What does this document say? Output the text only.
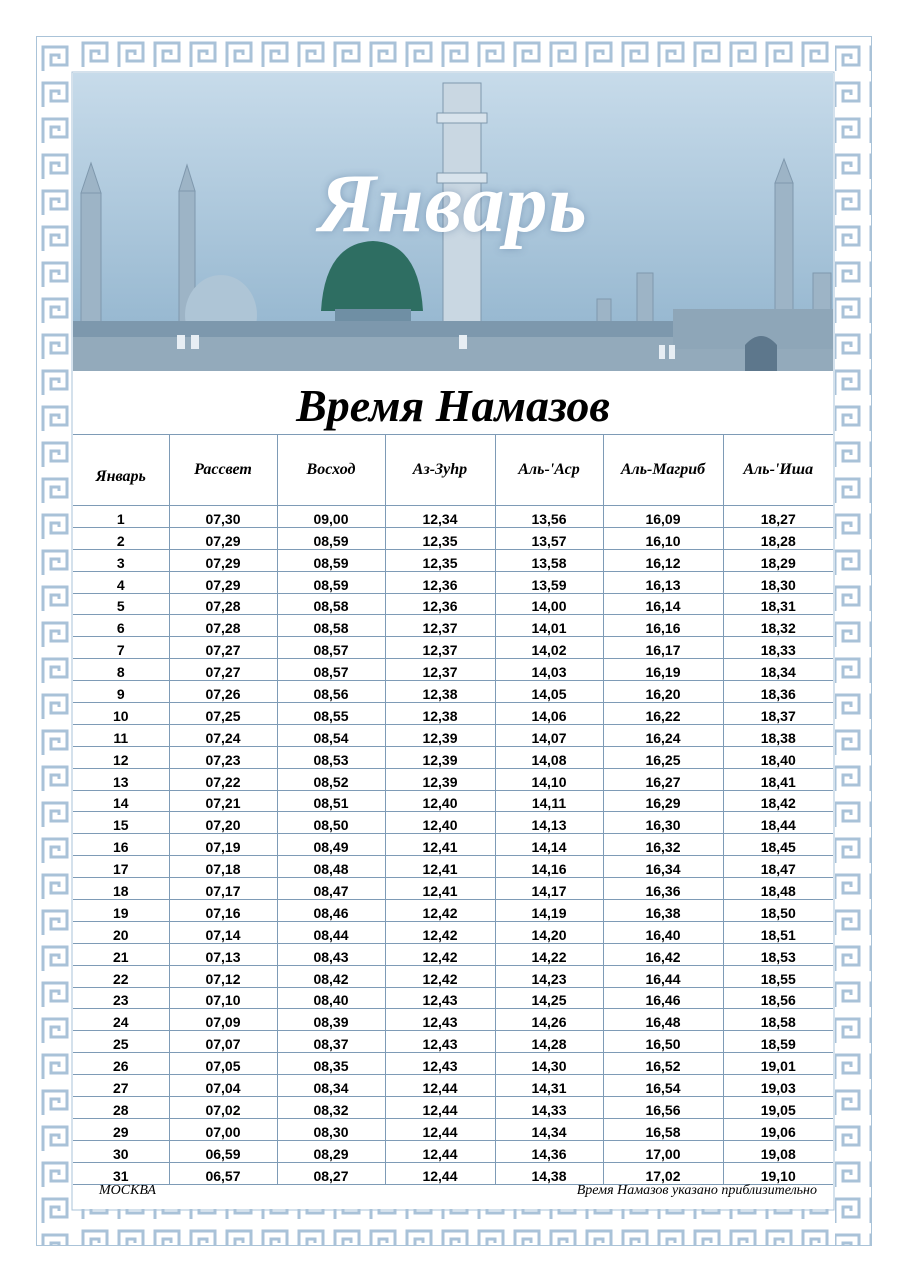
Январь
Время Намазов
Январь	Рассвет	Восход	Аз-Зуhр	Аль-'Аср	Аль-Магриб	Аль-'Иша
1	07,30	09,00	12,34	13,56	16,09	18,27
2	07,29	08,59	12,35	13,57	16,10	18,28
3	07,29	08,59	12,35	13,58	16,12	18,29
4	07,29	08,59	12,36	13,59	16,13	18,30
5	07,28	08,58	12,36	14,00	16,14	18,31
6	07,28	08,58	12,37	14,01	16,16	18,32
7	07,27	08,57	12,37	14,02	16,17	18,33
8	07,27	08,57	12,37	14,03	16,19	18,34
9	07,26	08,56	12,38	14,05	16,20	18,36
10	07,25	08,55	12,38	14,06	16,22	18,37
11	07,24	08,54	12,39	14,07	16,24	18,38
12	07,23	08,53	12,39	14,08	16,25	18,40
13	07,22	08,52	12,39	14,10	16,27	18,41
14	07,21	08,51	12,40	14,11	16,29	18,42
15	07,20	08,50	12,40	14,13	16,30	18,44
16	07,19	08,49	12,41	14,14	16,32	18,45
17	07,18	08,48	12,41	14,16	16,34	18,47
18	07,17	08,47	12,41	14,17	16,36	18,48
19	07,16	08,46	12,42	14,19	16,38	18,50
20	07,14	08,44	12,42	14,20	16,40	18,51
21	07,13	08,43	12,42	14,22	16,42	18,53
22	07,12	08,42	12,42	14,23	16,44	18,55
23	07,10	08,40	12,43	14,25	16,46	18,56
24	07,09	08,39	12,43	14,26	16,48	18,58
25	07,07	08,37	12,43	14,28	16,50	18,59
26	07,05	08,35	12,43	14,30	16,52	19,01
27	07,04	08,34	12,44	14,31	16,54	19,03
28	07,02	08,32	12,44	14,33	16,56	19,05
29	07,00	08,30	12,44	14,34	16,58	19,06
30	06,59	08,29	12,44	14,36	17,00	19,08
31	06,57	08,27	12,44	14,38	17,02	19,10
МОСКВА	Время Намазов указано приблизительно
